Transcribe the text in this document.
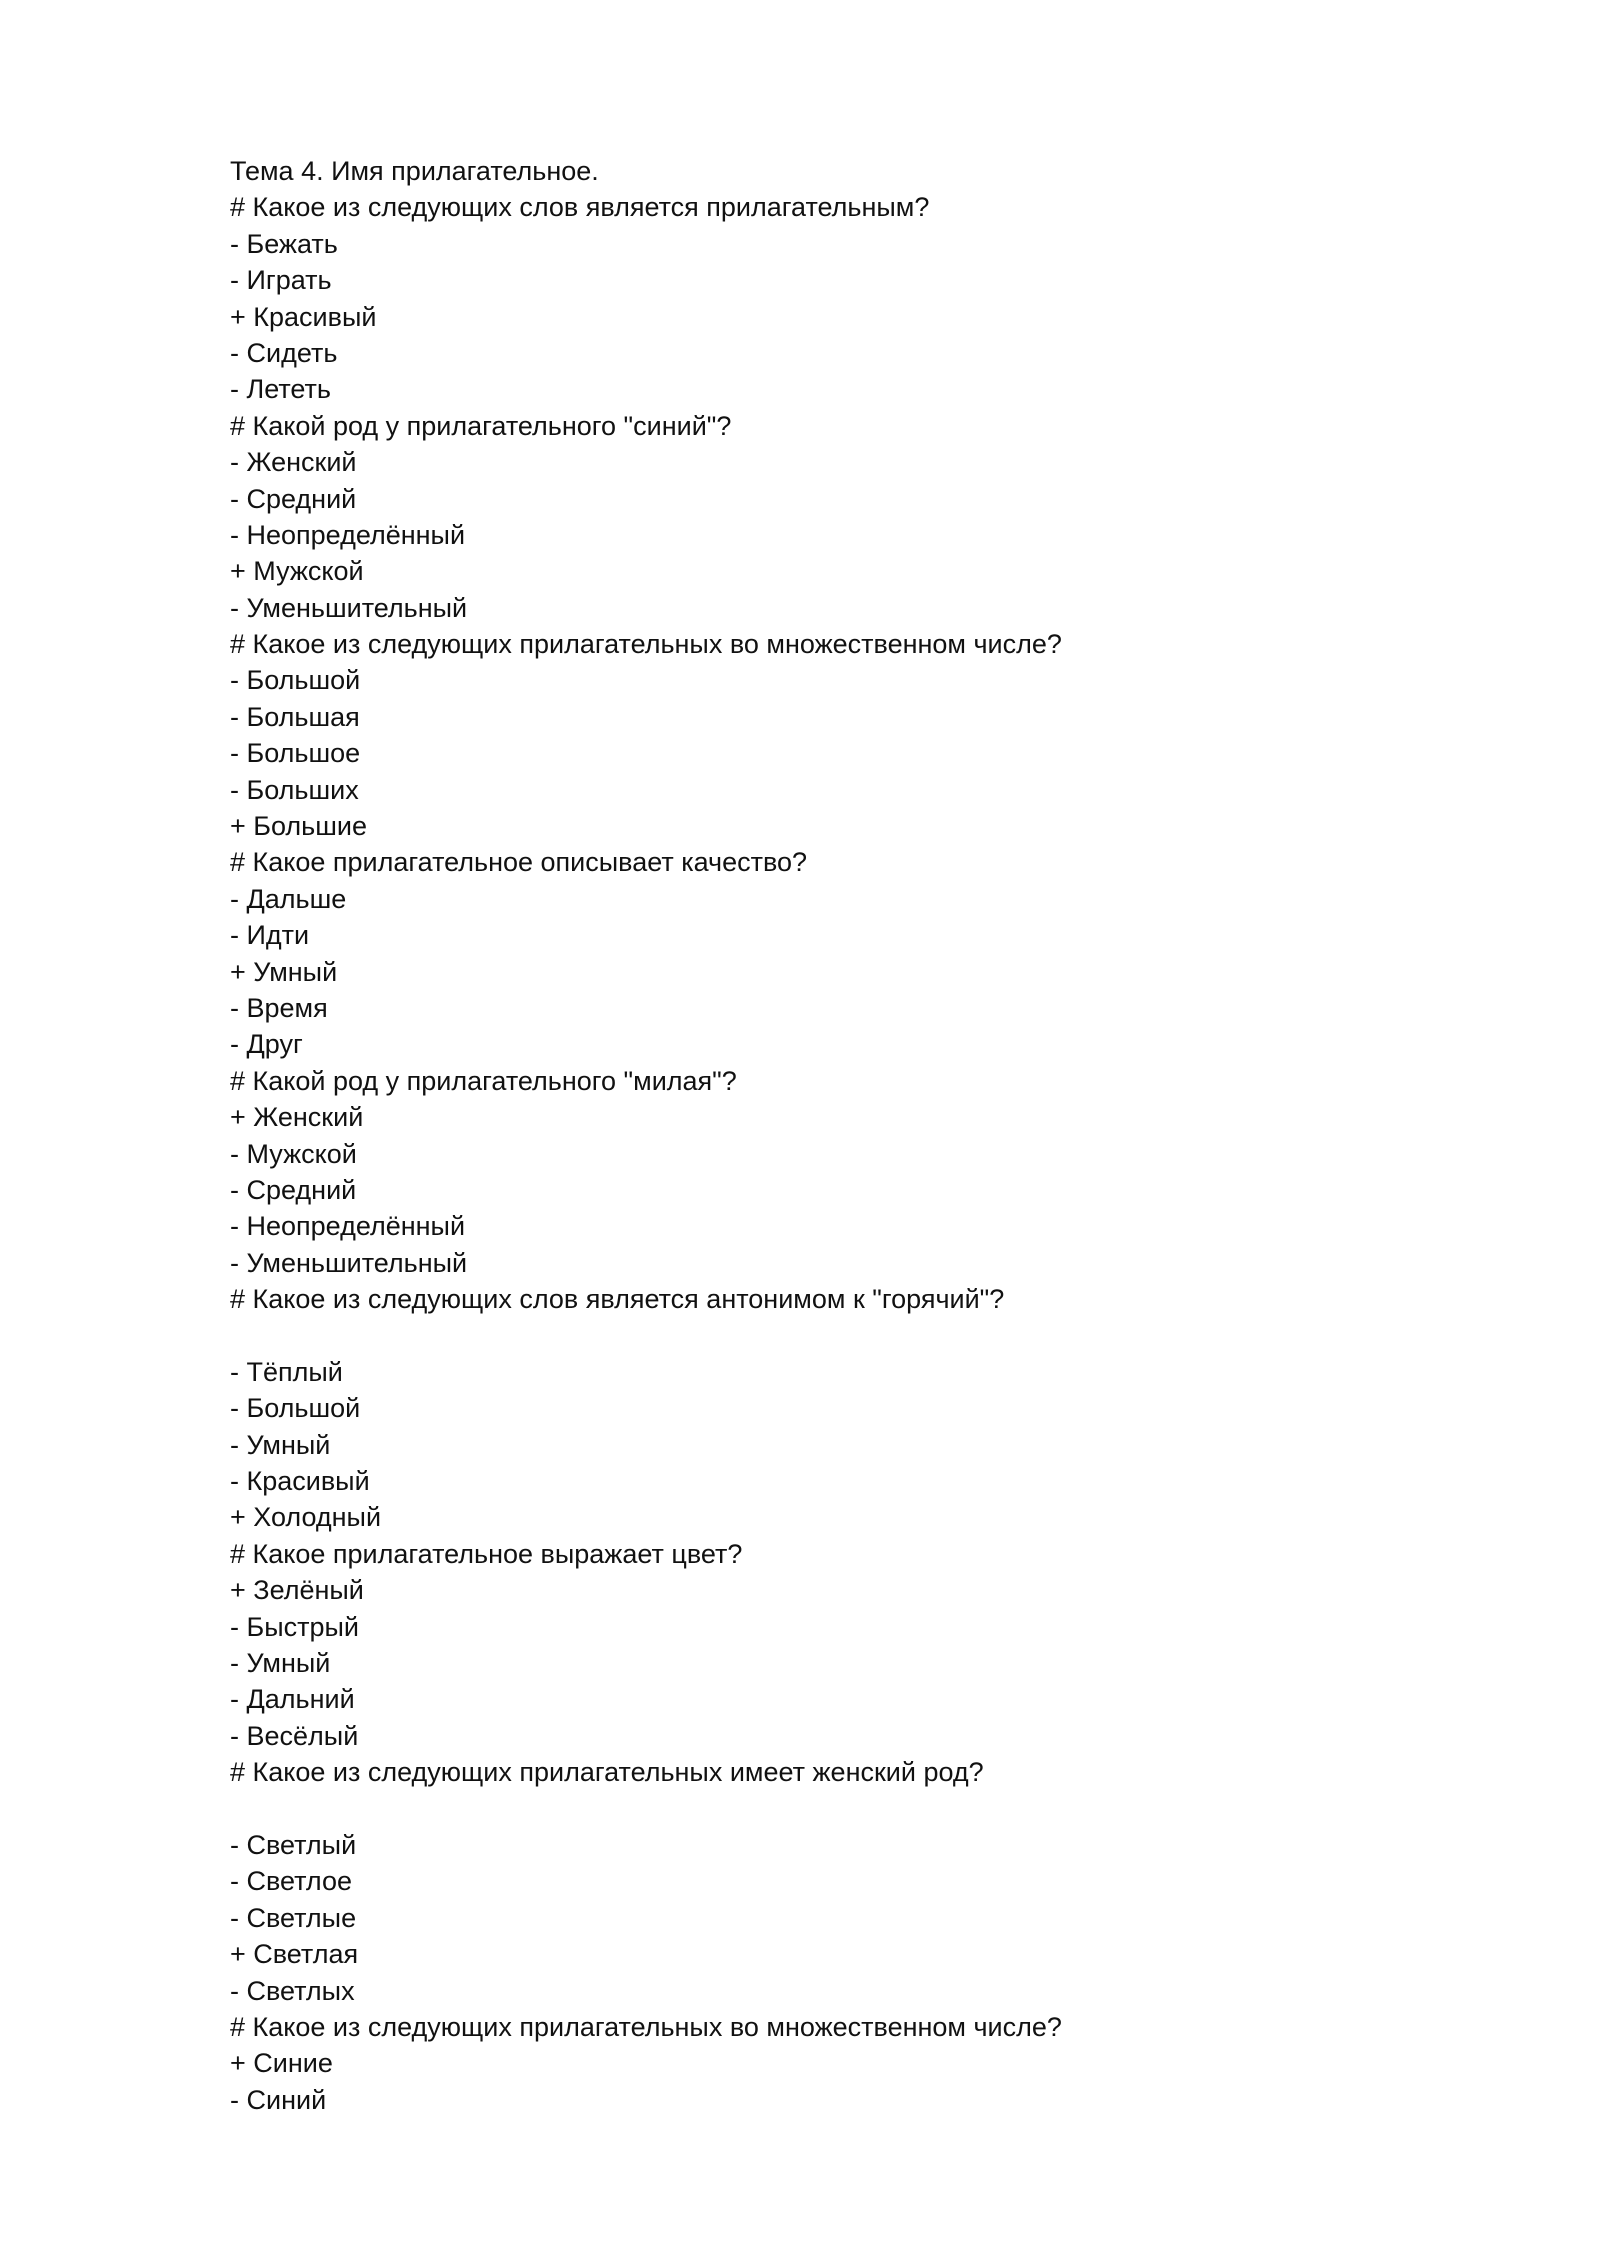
Тема 4. Имя прилагательное.
# Какое из следующих слов является прилагательным?
- Бежать
- Играть
+ Красивый
- Сидеть
- Лететь
# Какой род у прилагательного "синий"?
- Женский
- Средний
- Неопределённый
+ Мужской
- Уменьшительный
# Какое из следующих прилагательных во множественном числе?
- Большой
- Большая
- Большое
- Больших
+ Большие
# Какое прилагательное описывает качество?
- Дальше
- Идти
+ Умный
- Время
- Друг
# Какой род у прилагательного "милая"?
+ Женский
- Мужской
- Средний
- Неопределённый
- Уменьшительный
# Какое из следующих слов является антонимом к "горячий"?
- Тёплый
- Большой
- Умный
- Красивый
+ Холодный
# Какое прилагательное выражает цвет?
+ Зелёный
- Быстрый
- Умный
- Дальний
- Весёлый
# Какое из следующих прилагательных имеет женский род?
- Светлый
- Светлое
- Светлые
+ Светлая
- Светлых
# Какое из следующих прилагательных во множественном числе?
+ Синие
- Синий
